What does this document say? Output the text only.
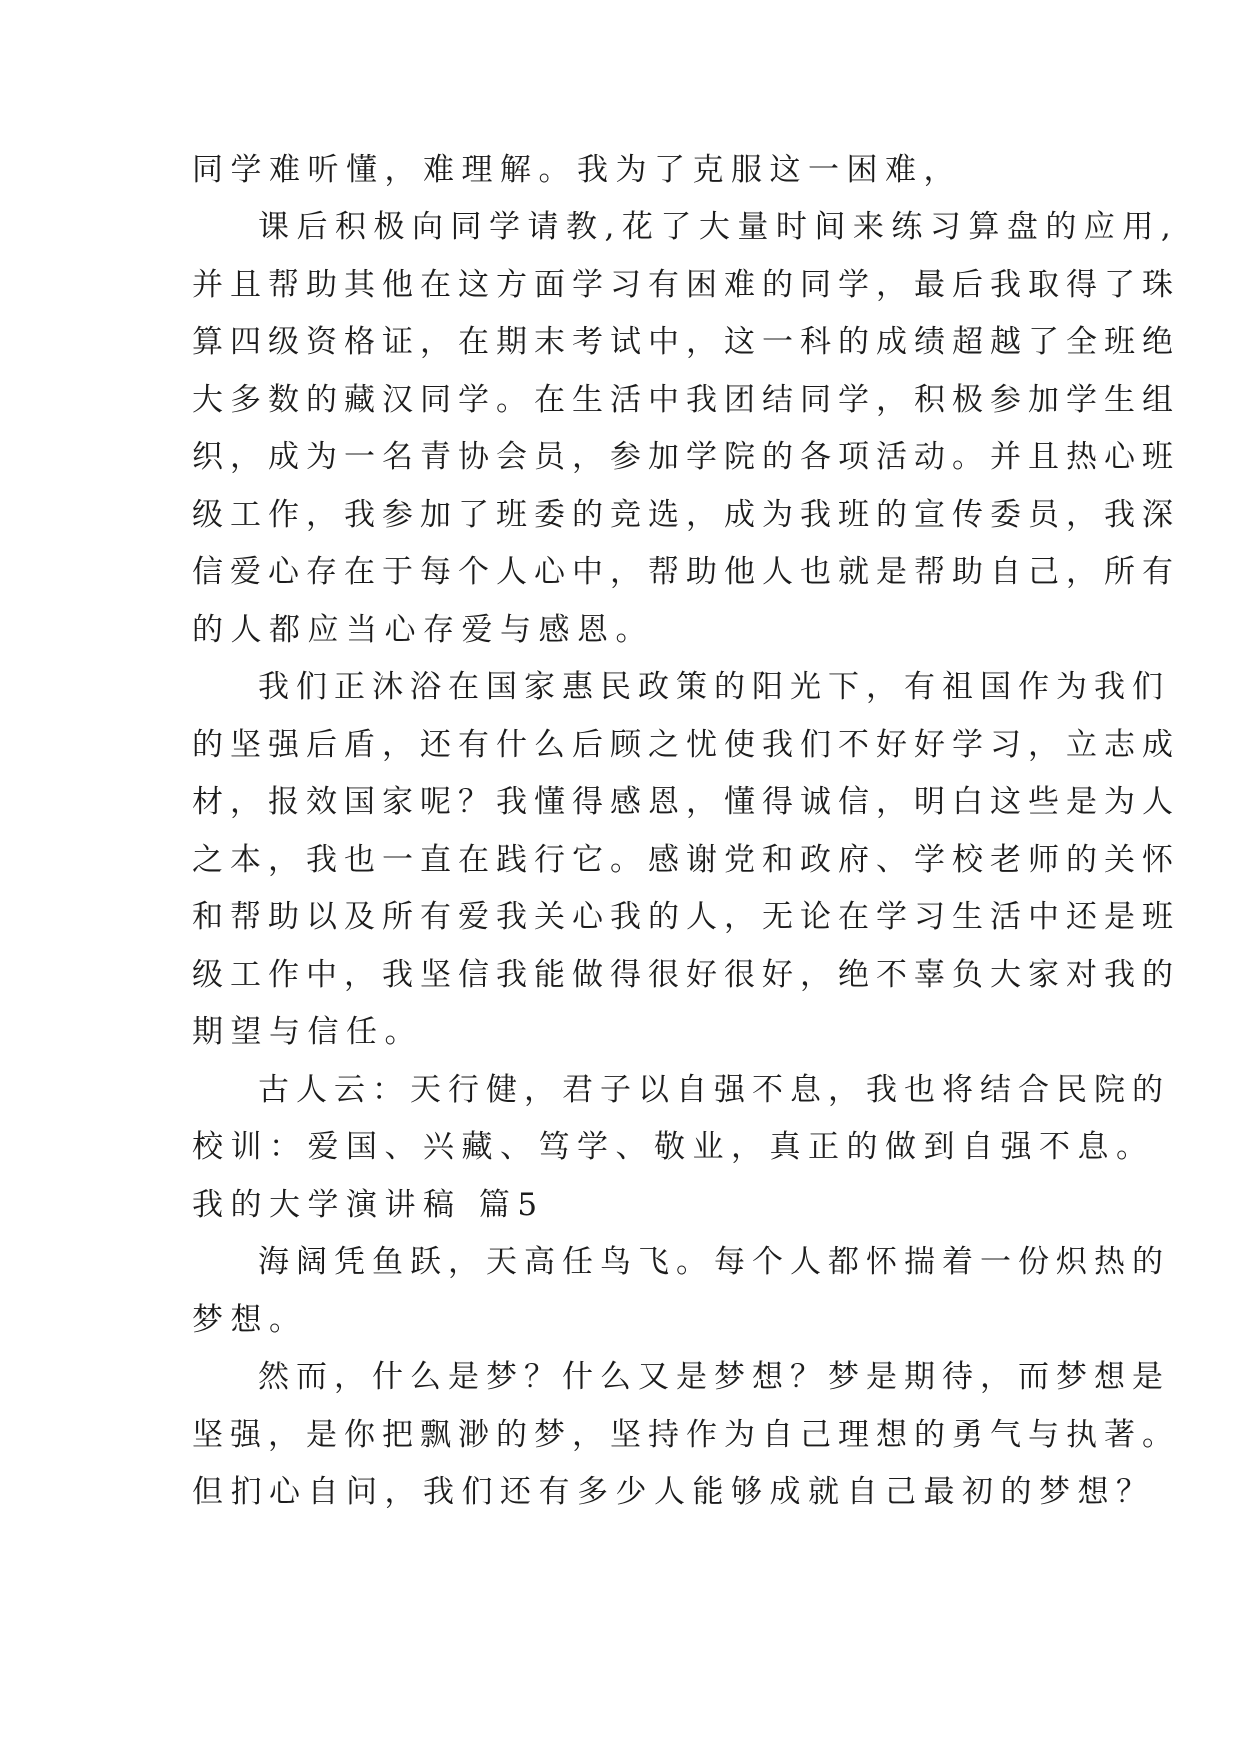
同学难听懂，难理解。我为了克服这一困难，
课后积极向同学请教,花了大量时间来练习算盘的应用,
并且帮助其他在这方面学习有困难的同学，最后我取得了珠
算四级资格证，在期末考试中，这一科的成绩超越了全班绝
大多数的藏汉同学。在生活中我团结同学，积极参加学生组
织，成为一名青协会员，参加学院的各项活动。并且热心班
级工作，我参加了班委的竞选，成为我班的宣传委员，我深
信爱心存在于每个人心中，帮助他人也就是帮助自己，所有
的人都应当心存爱与感恩。
我们正沐浴在国家惠民政策的阳光下，有祖国作为我们
的坚强后盾，还有什么后顾之忧使我们不好好学习，立志成
材，报效国家呢？我懂得感恩，懂得诚信，明白这些是为人
之本，我也一直在践行它。感谢党和政府、学校老师的关怀
和帮助以及所有爱我关心我的人，无论在学习生活中还是班
级工作中，我坚信我能做得很好很好，绝不辜负大家对我的
期望与信任。
古人云：天行健，君子以自强不息，我也将结合民院的
校训：爱国、兴藏、笃学、敬业，真正的做到自强不息。
我的大学演讲稿 篇5
海阔凭鱼跃，天高任鸟飞。每个人都怀揣着一份炽热的
梦想。
然而，什么是梦？什么又是梦想？梦是期待，而梦想是
坚强，是你把飘渺的梦，坚持作为自己理想的勇气与执著。
但扪心自问，我们还有多少人能够成就自己最初的梦想？
